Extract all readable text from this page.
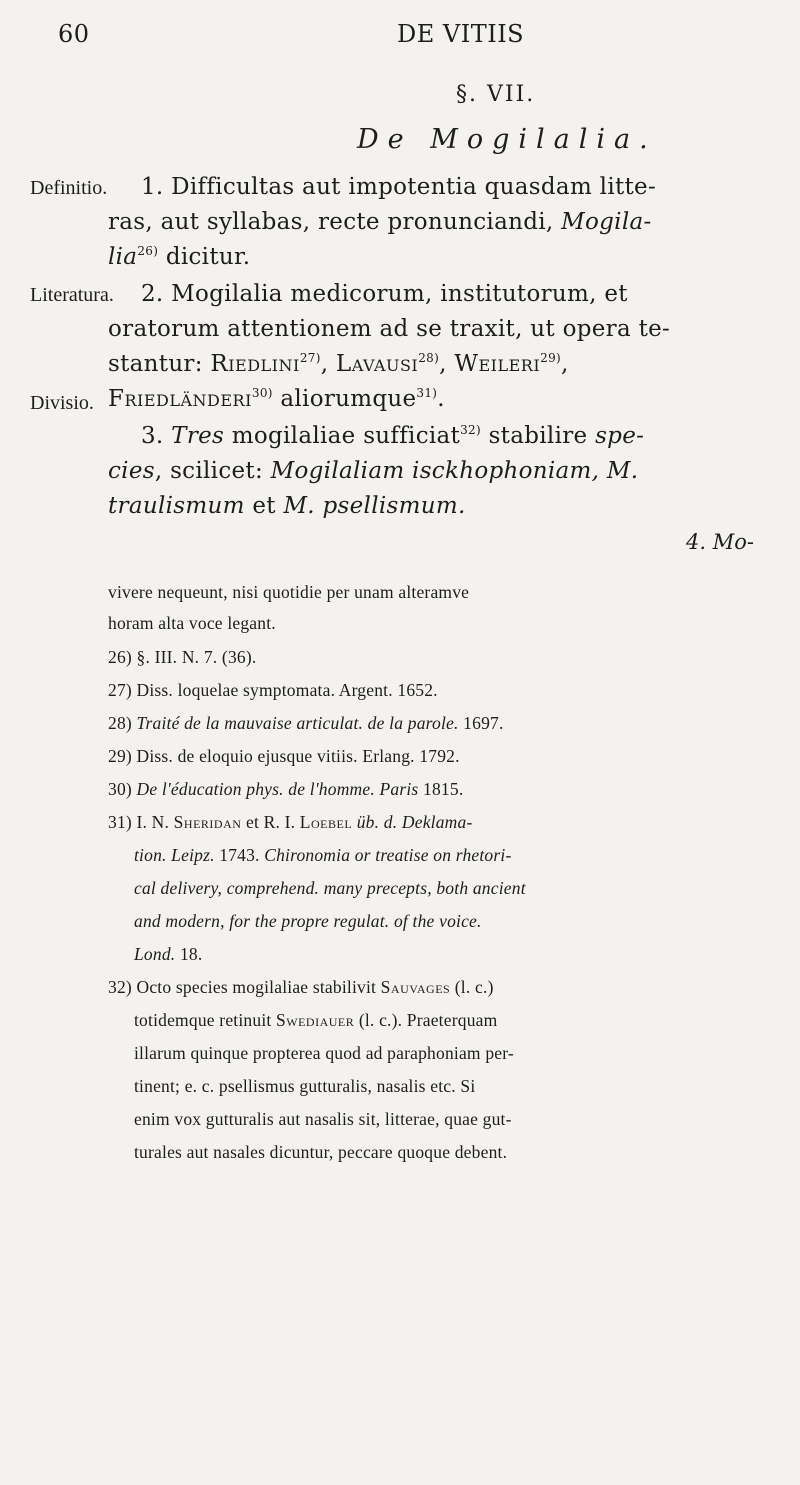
60	DE VITIIS
§. VII.
De Mogilalia.
Definitio.
Literatura.
Divisio.
1. Difficultas aut impotentia quasdam litte-
ras, aut syllabas, recte pronunciandi, Mogila-
lia$^{26)}$ dicitur.
2. Mogilalia medicorum, institutorum, et
oratorum attentionem ad se traxit, ut opera te-
stantur: Riedlini$^{27)}$, Lavausi$^{28)}$, Weileri$^{29)}$,
Friedländeri$^{30)}$ aliorumque$^{31)}$.
3. Tres mogilaliae sufficiat$^{32)}$ stabilire spe-
cies, scilicet: Mogilaliam isckhophoniam, M.
traulismum et M. psellismum.
4. Mo-
vivere nequeunt, nisi quotidie per unam alteramve
horam alta voce legant.
26) §. III. N. 7. (36).
27) Diss. loquelae symptomata. Argent. 1652.
28) Traité de la mauvaise articulat. de la parole. 1697.
29) Diss. de eloquio ejusque vitiis. Erlang. 1792.
30) De l'éducation phys. de l'homme. Paris 1815.
31) I. N. Sheridan et R. I. Loebel üb. d. Deklama-
tion. Leipz. 1743. Chironomia or treatise on rhetori-
cal delivery, comprehend. many precepts, both ancient
and modern, for the propre regulat. of the voice.
Lond. 18.
32) Octo species mogilaliae stabilivit Sauvages (l. c.)
totidemque retinuit Swediauer (l. c.). Praeterquam
illarum quinque propterea quod ad paraphoniam per-
tinent; e. c. psellismus gutturalis, nasalis etc. Si
enim vox gutturalis aut nasalis sit, litterae, quae gut-
turales aut nasales dicuntur, peccare quoque debent.
